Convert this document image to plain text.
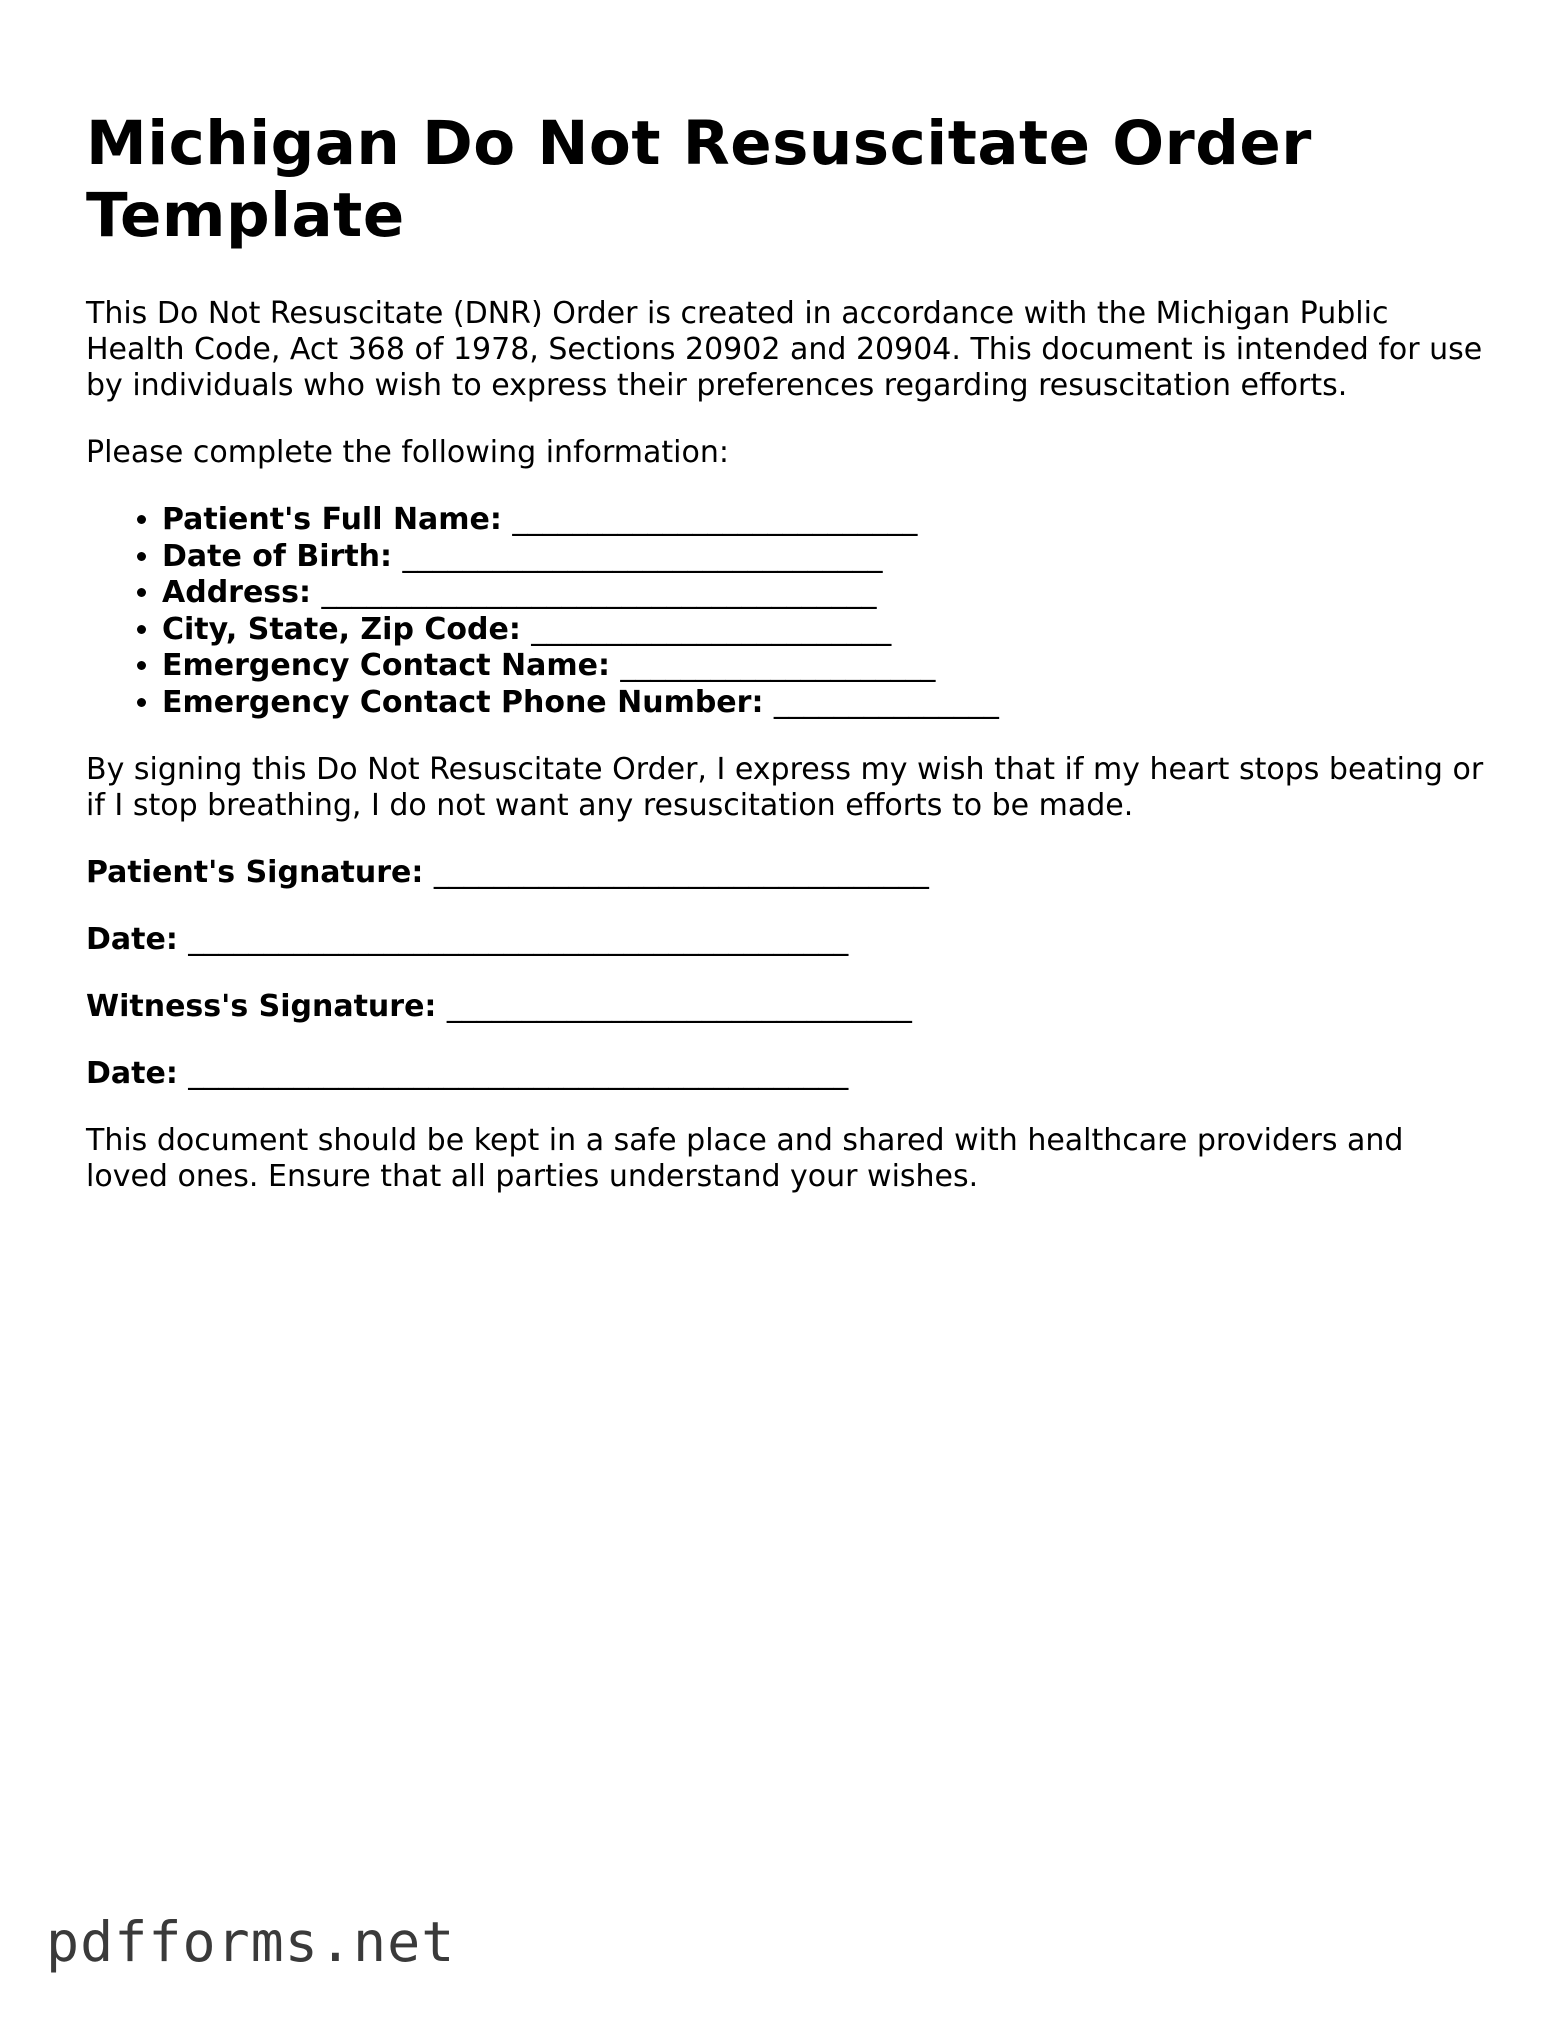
Michigan Do Not Resuscitate Order Template

This Do Not Resuscitate (DNR) Order is created in accordance with the Michigan Public Health Code, Act 368 of 1978, Sections 20902 and 20904. This document is intended for use by individuals who wish to express their preferences regarding resuscitation efforts.

Please complete the following information:

• Patient's Full Name: ___________________________
• Date of Birth: ________________________________
• Address: _____________________________________
• City, State, Zip Code: ________________________
• Emergency Contact Name: _____________________
• Emergency Contact Phone Number: _______________

By signing this Do Not Resuscitate Order, I express my wish that if my heart stops beating or if I stop breathing, I do not want any resuscitation efforts to be made.

Patient's Signature: _________________________________
Date: ____________________________________________
Witness's Signature: _______________________________
Date: ____________________________________________

This document should be kept in a safe place and shared with healthcare providers and loved ones. Ensure that all parties understand your wishes.

pdfforms.net
